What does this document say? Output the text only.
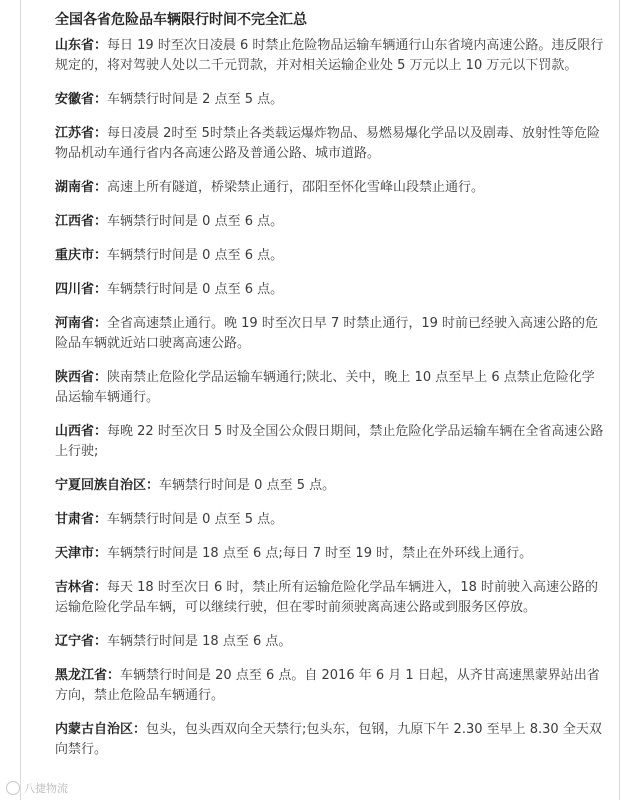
全国各省危险品车辆限行时间不完全汇总
山东省：每日 19 时至次日凌晨 6 时禁止危险物品运输车辆通行山东省境内高速公路。违反限行规定的，将对驾驶人处以二千元罚款，并对相关运输企业处 5 万元以上 10 万元以下罚款。
安徽省：车辆禁行时间是 2 点至 5 点。
江苏省：每日凌晨 2时至 5时禁止各类载运爆炸物品、易燃易爆化学品以及剧毒、放射性等危险物品机动车通行省内各高速公路及普通公路、城市道路。
湖南省：高速上所有隧道，桥梁禁止通行，邵阳至怀化雪峰山段禁止通行。
江西省：车辆禁行时间是 0 点至 6 点。
重庆市：车辆禁行时间是 0 点至 6 点。
四川省：车辆禁行时间是 0 点至 6 点。
河南省：全省高速禁止通行。晚 19 时至次日早 7 时禁止通行，19 时前已经驶入高速公路的危险品车辆就近站口驶离高速公路。
陕西省：陕南禁止危险化学品运输车辆通行;陕北、关中，晚上 10 点至早上 6 点禁止危险化学品运输车辆通行。
山西省：每晚 22 时至次日 5 时及全国公众假日期间，禁止危险化学品运输车辆在全省高速公路上行驶;
宁夏回族自治区：车辆禁行时间是 0 点至 5 点。
甘肃省：车辆禁行时间是 0 点至 5 点。
天津市：车辆禁行时间是 18 点至 6 点;每日 7 时至 19 时，禁止在外环线上通行。
吉林省：每天 18 时至次日 6 时，禁止所有运输危险化学品车辆进入，18 时前驶入高速公路的运输危险化学品车辆，可以继续行驶，但在零时前须驶离高速公路或到服务区停放。
辽宁省：车辆禁行时间是 18 点至 6 点。
黑龙江省：车辆禁行时间是 20 点至 6 点。自 2016 年 6 月 1 日起，从齐甘高速黑蒙界站出省方向，禁止危险品车辆通行。
内蒙古自治区：包头，包头西双向全天禁行;包头东，包钢，九原下午 2.30 至早上 8.30 全天双向禁行。
八捷物流
